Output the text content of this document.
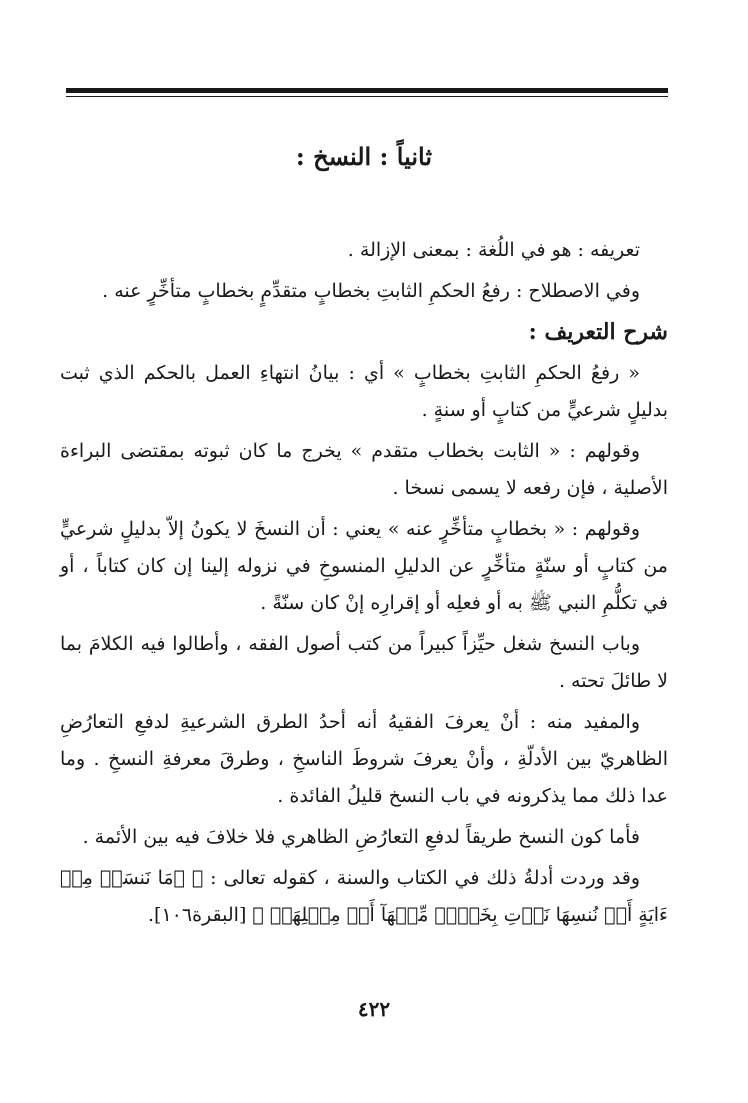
ثانياً : النسخ :

تعريفه : هو في اللُغة : بمعنى الإزالة .

وفي الاصطلاح : رفعُ الحكمِ الثابتِ بخطابٍ متقدِّمٍ بخطابٍ متأخِّرٍ عنه .

شرح التعريف :

« رفعُ الحكمِ الثابتِ بخطابٍ » أي : بيانُ انتهاءِ العمل بالحكم الذي ثبت بدليلٍ شرعيٍّ من كتابٍ أو سنةٍ .

وقولهم : « الثابت بخطاب متقدم » يخرج ما كان ثبوته بمقتضى البراءة الأصلية ، فإن رفعه لا يسمى نسخا .

وقولهم : « بخطابٍ متأخِّرٍ عنه » يعني : أن النسخَ لا يكونُ إلاّ بدليلٍ شرعيٍّ من كتابٍ أو سنّةٍ متأخِّرٍ عن الدليلِ المنسوخِ في نزوله إلينا إن كان كتاباً ، أو في تكلُّمِ النبي ﷺ به أو فعلِه أو إقرارِه إنْ كان سنّةً .

وباب النسخ شغل حيِّزاً كبيراً من كتب أصول الفقه ، وأطالوا فيه الكلامَ بما لا طائلَ تحته .

والمفيد منه : أنْ يعرفَ الفقيهُ أنه أحدُ الطرق الشرعيةِ لدفعِ التعارُضِ الظاهريّ بين الأدلّةِ ، وأنْ يعرفَ شروطَ الناسخِ ، وطرقَ معرفةِ النسخِ . وما عدا ذلك مما يذكرونه في باب النسخ قليلُ الفائدة .

فأما كون النسخ طريقاً لدفعِ التعارُضِ الظاهري فلا خلافَ فيه بين الأئمة .

وقد وردت أدلةُ ذلك في الكتاب والسنة ، كقوله تعالى : ﴿ ۞مَا نَنسَخۡ مِنۡ ءَايَةٍ أَوۡ نُنسِهَا نَأۡتِ بِخَيۡرٖ مِّنۡهَآ أَوۡ مِثۡلِهَآۗ ﴾ [البقرة١٠٦].

٤٢٢
